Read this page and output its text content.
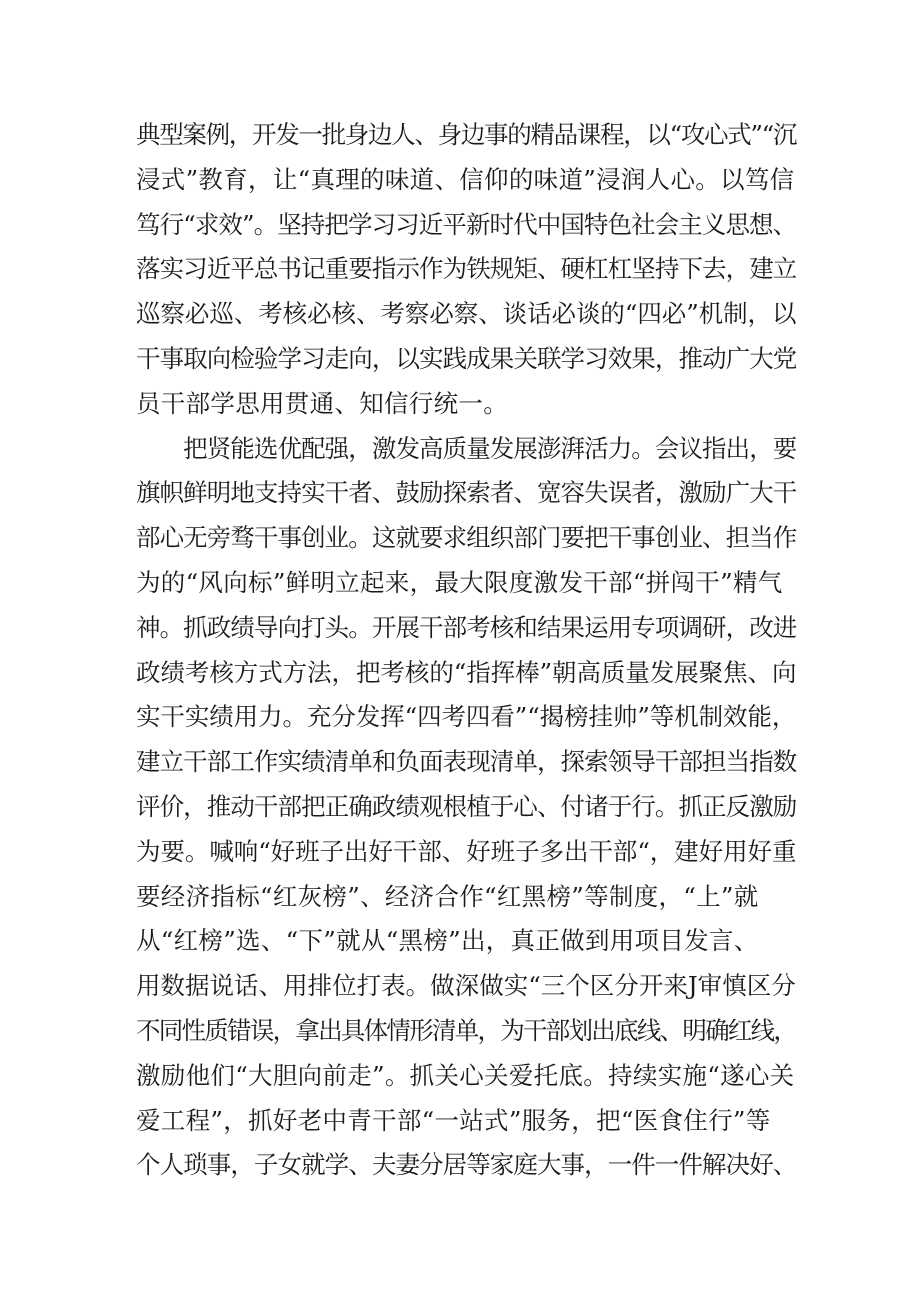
典型案例，开发一批身边人、身边事的精品课程，以“攻心式”“沉
浸式”教育，让“真理的味道、信仰的味道”浸润人心。以笃信
笃行“求效”。坚持把学习习近平新时代中国特色社会主义思想、
落实习近平总书记重要指示作为铁规矩、硬杠杠坚持下去，建立
巡察必巡、考核必核、考察必察、谈话必谈的“四必”机制，以
干事取向检验学习走向，以实践成果关联学习效果，推动广大党
员干部学思用贯通、知信行统一。
　　把贤能选优配强，激发高质量发展澎湃活力。会议指出，要
旗帜鲜明地支持实干者、鼓励探索者、宽容失误者，激励广大干
部心无旁骛干事创业。这就要求组织部门要把干事创业、担当作
为的“风向标”鲜明立起来，最大限度激发干部“拼闯干”精气
神。抓政绩导向打头。开展干部考核和结果运用专项调研，改进
政绩考核方式方法，把考核的“指挥棒”朝高质量发展聚焦、向
实干实绩用力。充分发挥“四考四看”“揭榜挂帅”等机制效能，
建立干部工作实绩清单和负面表现清单，探索领导干部担当指数
评价，推动干部把正确政绩观根植于心、付诸于行。抓正反激励
为要。喊响“好班子出好干部、好班子多出干部“，建好用好重
要经济指标“红灰榜”、经济合作“红黑榜”等制度，“上”就
从“红榜”选、“下”就从“黑榜”出，真正做到用项目发言、
用数据说话、用排位打表。做深做实“三个区分开来J审慎区分
不同性质错误，拿出具体情形清单，为干部划出底线、明确红线，
激励他们“大胆向前走”。抓关心关爱托底。持续实施“遂心关
爱工程”，抓好老中青干部“一站式”服务，把“医食住行”等
个人琐事，子女就学、夫妻分居等家庭大事，一件一件解决好、
